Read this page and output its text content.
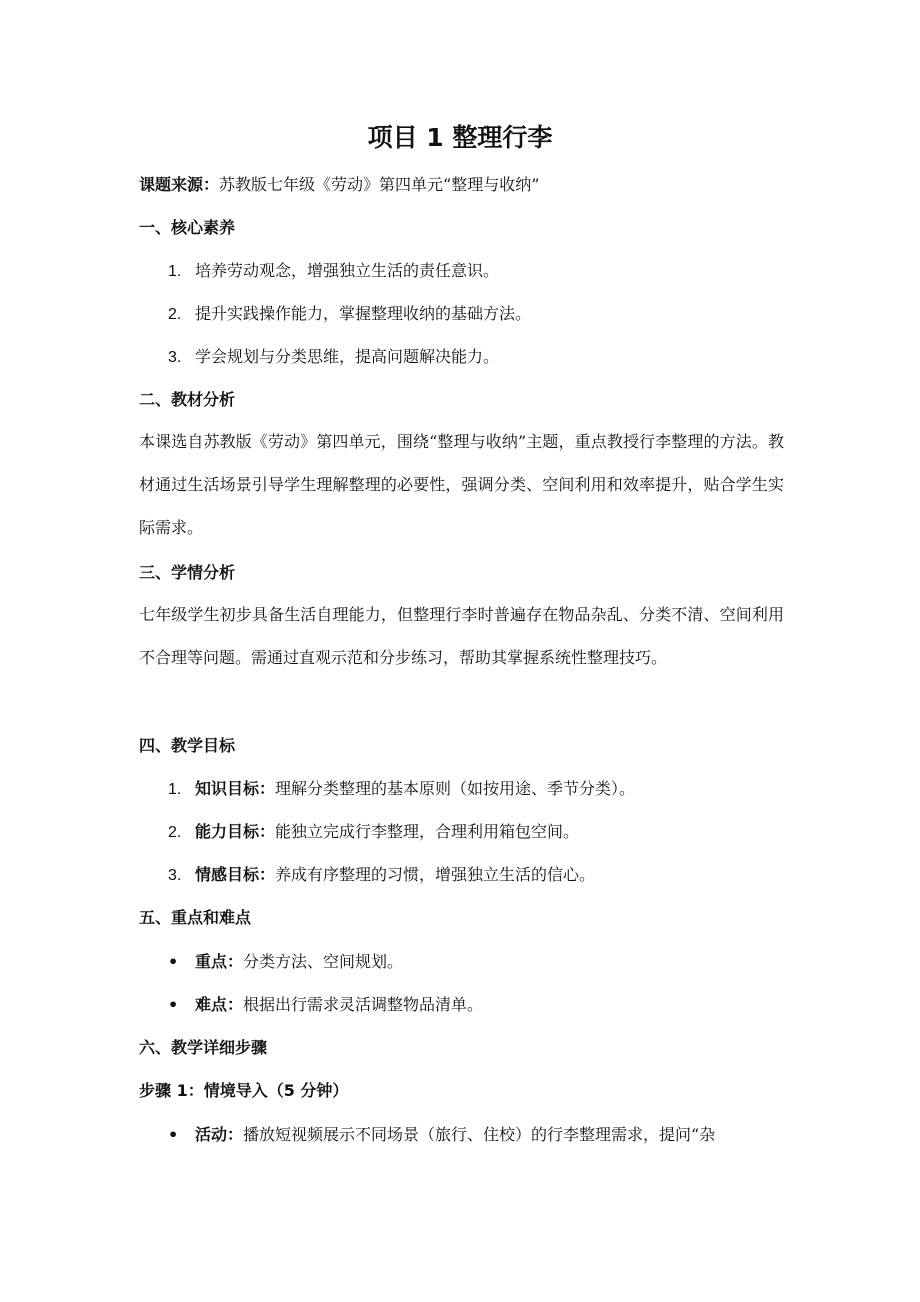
项目 1 整理行李
课题来源：苏教版七年级《劳动》第四单元“整理与收纳”
一、核心素养
1. 培养劳动观念，增强独立生活的责任意识。
2. 提升实践操作能力，掌握整理收纳的基础方法。
3. 学会规划与分类思维，提高问题解决能力。
二、教材分析
本课选自苏教版《劳动》第四单元，围绕“整理与收纳”主题，重点教授行李整理的方法。教材通过生活场景引导学生理解整理的必要性，强调分类、空间利用和效率提升，贴合学生实际需求。
三、学情分析
七年级学生初步具备生活自理能力，但整理行李时普遍存在物品杂乱、分类不清、空间利用不合理等问题。需通过直观示范和分步练习，帮助其掌握系统性整理技巧。
四、教学目标
1. 知识目标：理解分类整理的基本原则（如按用途、季节分类）。
2. 能力目标：能独立完成行李整理，合理利用箱包空间。
3. 情感目标：养成有序整理的习惯，增强独立生活的信心。
五、重点和难点
• 重点：分类方法、空间规划。
• 难点：根据出行需求灵活调整物品清单。
六、教学详细步骤
步骤 1：情境导入（5 分钟）
• 活动：播放短视频展示不同场景（旅行、住校）的行李整理需求，提问“杂
